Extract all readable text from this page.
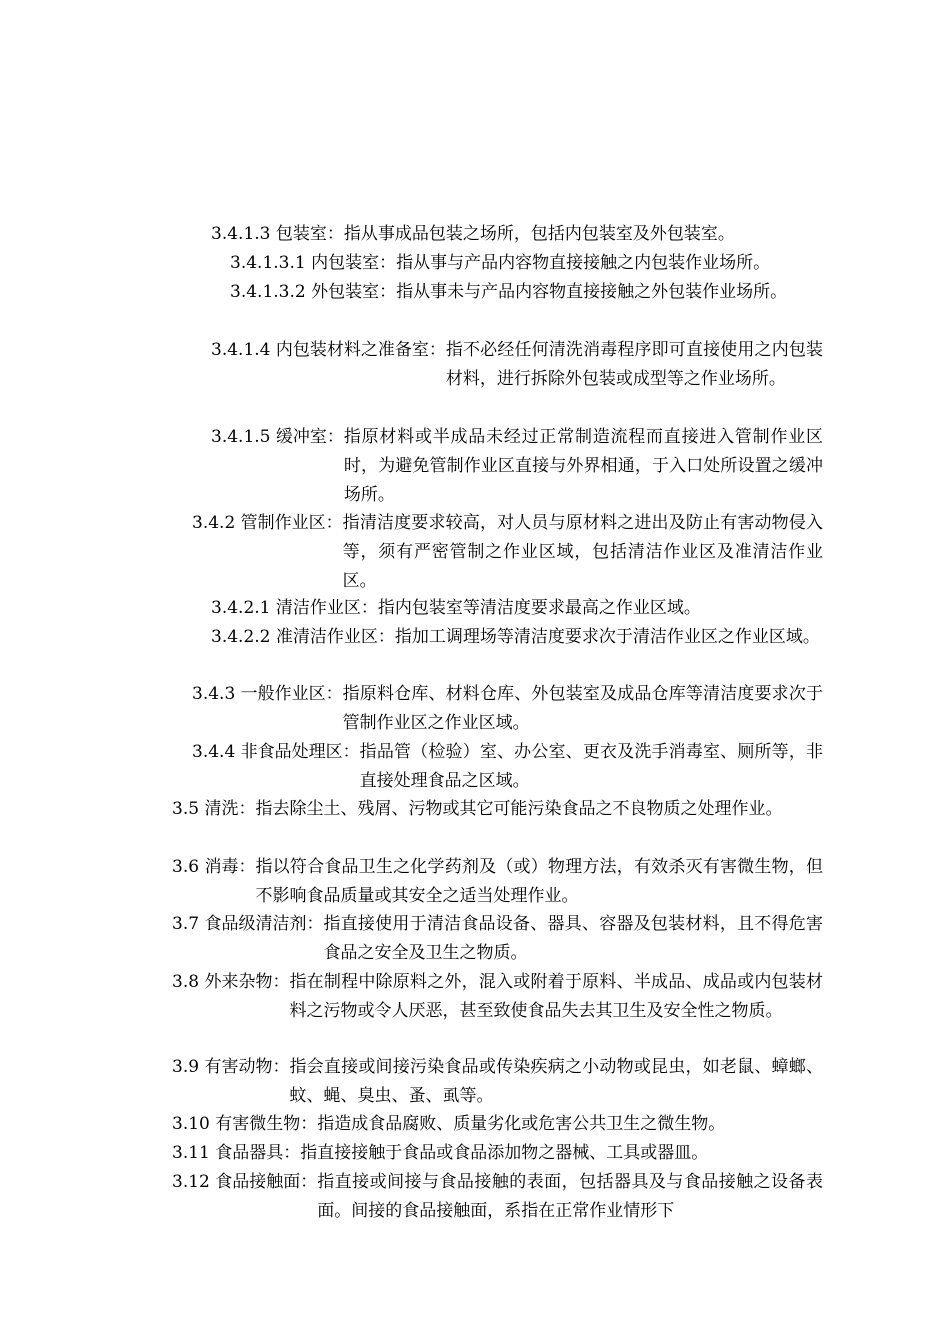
3.4.1.3 包装室： 指从事成品包装之场所，包括内包装室及外包装室。
3.4.1.3.1 内包装室： 指从事与产品内容物直接接触之内包装作业场所。
3.4.1.3.2 外包装室： 指从事未与产品内容物直接接触之外包装作业场所。
3.4.1.4 内包装材料之准备室： 指不必经任何清洗消毒程序即可直接使用之内包装材料，进行拆除外包装或成型等之作业场所。
3.4.1.5 缓冲室： 指原材料或半成品未经过正常制造流程而直接进入管制作业区时，为避免管制作业区直接与外界相通，于入口处所设置之缓冲场所。
3.4.2 管制作业区： 指清洁度要求较高，对人员与原材料之进出及防止有害动物侵入等，须有严密管制之作业区域，包括清洁作业区及准清洁作业区。
3.4.2.1 清洁作业区： 指内包装室等清洁度要求最高之作业区域。
3.4.2.2 准清洁作业区： 指加工调理场等清洁度要求次于清洁作业区之作业区域。
3.4.3 一般作业区： 指原料仓库、材料仓库、外包装室及成品仓库等清洁度要求次于管制作业区之作业区域。
3.4.4 非食品处理区： 指品管（检验）室、办公室、更衣及洗手消毒室、厕所等，非直接处理食品之区域。
3.5 清洗： 指去除尘土、残屑、污物或其它可能污染食品之不良物质之处理作业。
3.6 消毒： 指以符合食品卫生之化学药剂及（或）物理方法，有效杀灭有害微生物，但不影响食品质量或其安全之适当处理作业。
3.7 食品级清洁剂： 指直接使用于清洁食品设备、器具、容器及包装材料，且不得危害食品之安全及卫生之物质。
3.8 外来杂物： 指在制程中除原料之外，混入或附着于原料、半成品、成品或内包装材料之污物或令人厌恶，甚至致使食品失去其卫生及安全性之物质。
3.9 有害动物： 指会直接或间接污染食品或传染疾病之小动物或昆虫，如老鼠、蟑螂、蚊、蝇、臭虫、蚤、虱等。
3.10 有害微生物： 指造成食品腐败、质量劣化或危害公共卫生之微生物。
3.11 食品器具： 指直接接触于食品或食品添加物之器械、工具或器皿。
3.12 食品接触面： 指直接或间接与食品接触的表面，包括器具及与食品接触之设备表面。间接的食品接触面，系指在正常作业情形下
